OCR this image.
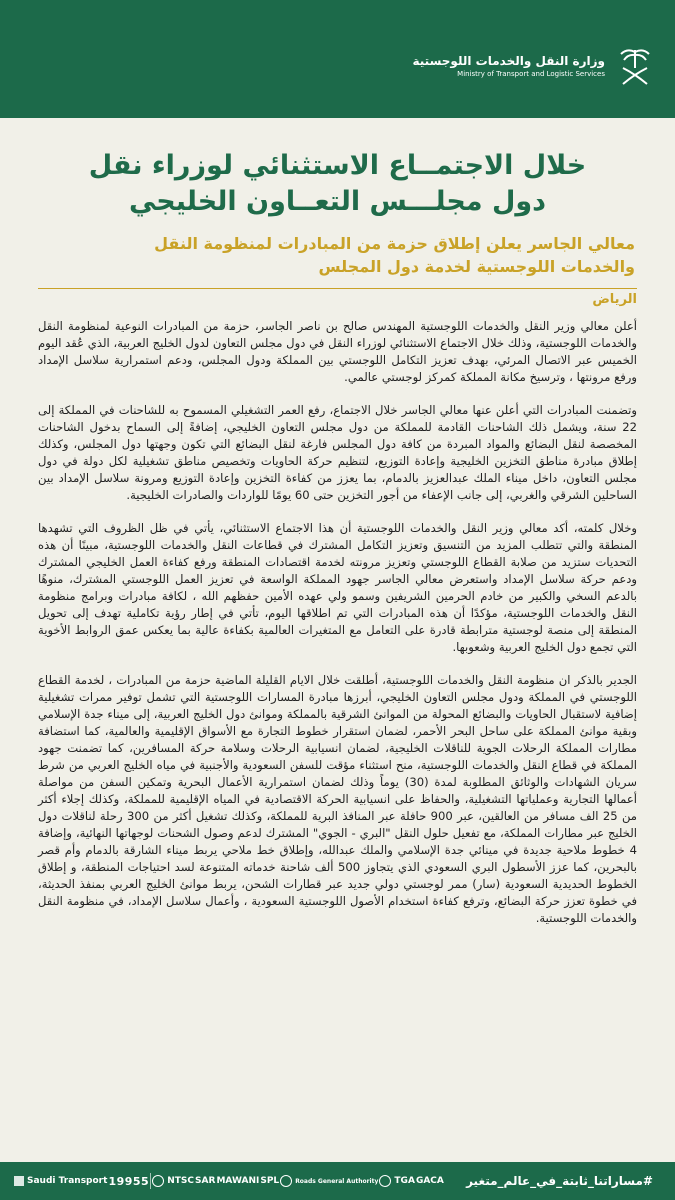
وزارة النقل والخدمات اللوجستية
Ministry of Transport and Logistic Services
خلال الاجتمــاع الاستثنائي لوزراء نقل
دول مجلـــس التعــاون الخليجي
معالي الجاسر يعلن إطلاق حزمة من المبادرات لمنظومة النقل
والخدمات اللوجستية لخدمة دول المجلس
الرياض

أعلن معالي وزير النقل والخدمات اللوجستية المهندس صالح بن ناصر الجاسر، حزمة من المبادرات النوعية لمنظومة النقل والخدمات اللوجستية، وذلك خلال الاجتماع الاستثنائي لوزراء النقل في دول مجلس التعاون لدول الخليج العربية، الذي عُقد اليوم الخميس عبر الاتصال المرئي، بهدف تعزيز التكامل اللوجستي بين المملكة ودول المجلس، ودعم استمرارية سلاسل الإمداد ورفع مرونتها ، وترسيخ مكانة المملكة كمركز لوجستي عالمي.

وتضمنت المبادرات التي أعلن عنها معالي الجاسر خلال الاجتماع، رفع العمر التشغيلي المسموح به للشاحنات في المملكة إلى 22 سنة، ويشمل ذلك الشاحنات القادمة للمملكة من دول مجلس التعاون الخليجي، إضافةً إلى السماح بدخول الشاحنات المخصصة لنقل البضائع والمواد المبردة من كافة دول المجلس فارغة لنقل البضائع التي تكون وجهتها دول المجلس، وكذلك إطلاق مبادرة مناطق التخزين الخليجية وإعادة التوزيع، لتنظيم حركة الحاويات وتخصيص مناطق تشغيلية لكل دولة في دول مجلس التعاون، داخل ميناء الملك عبدالعزيز بالدمام، بما يعزز من كفاءة التخزين وإعادة التوزيع ومرونة سلاسل الإمداد بين الساحلين الشرقي والغربي، إلى جانب الإعفاء من أجور التخزين حتى 60 يومًا للواردات والصادرات الخليجية.

وخلال كلمته، أكد معالي وزير النقل والخدمات اللوجستية أن هذا الاجتماع الاستثنائي، يأتي في ظل الظروف التي تشهدها المنطقة والتي تتطلب المزيد من التنسيق وتعزيز التكامل المشترك في قطاعات النقل والخدمات اللوجستية، مبينًا أن هذه التحديات ستزيد من صلابة القطاع اللوجستي وتعزيز مرونته لخدمة اقتصادات المنطقة ورفع كفاءة العمل الخليجي المشترك ودعم حركة سلاسل الإمداد واستعرض معالي الجاسر جهود المملكة الواسعة في تعزيز العمل اللوجستي المشترك، منوهًا بالدعم السخي والكبير من خادم الحرمين الشريفين وسمو ولي عهده الأمين حفظهم الله ، لكافة مبادرات وبرامج منظومة النقل والخدمات اللوجستية، مؤكدًا أن هذه المبادرات التي تم اطلاقها اليوم، تأتي في إطار رؤية تكاملية تهدف إلى تحويل المنطقة إلى منصة لوجستية مترابطة قادرة على التعامل مع المتغيرات العالمية بكفاءة عالية بما يعكس عمق الروابط الأخوية التي تجمع دول الخليج العربية وشعوبها.

الجدير بالذكر ان منظومة النقل والخدمات اللوجستية، أطلقت خلال الايام القليلة الماضية حزمة من المبادرات ، لخدمة القطاع اللوجستي في المملكة ودول مجلس التعاون الخليجي، أبرزها مبادرة المسارات اللوجستية التي تشمل توفير ممرات تشغيلية إضافية لاستقبال الحاويات والبضائع المحولة من الموانئ الشرقية بالمملكة وموانئ دول الخليج العربية، إلى ميناء جدة الإسلامي وبقية موانئ المملكة على ساحل البحر الأحمر، لضمان استقرار خطوط التجارة مع الأسواق الإقليمية والعالمية، كما استضافة مطارات المملكة الرحلات الجوية للناقلات الخليجية، لضمان انسيابية الرحلات وسلامة حركة المسافرين، كما تضمنت جهود المملكة في قطاع النقل والخدمات اللوجستية، منح استثناء مؤقت للسفن السعودية والأجنبية في مياه الخليج العربي من شرط سريان الشهادات والوثائق المطلوبة لمدة (30) يوماً وذلك لضمان استمرارية الأعمال البحرية وتمكين السفن من مواصلة أعمالها التجارية وعملياتها التشغيلية، والحفاظ على انسيابية الحركة الاقتصادية في المياه الإقليمية للمملكة، وكذلك إجلاء أكثر من 25 الف مسافر من العالقين، عبر 900 حافلة عبر المنافذ البرية للمملكة، وكذلك تشغيل أكثر من 300 رحلة لناقلات دول الخليج عبر مطارات المملكة، مع تفعيل حلول النقل "البري - الجوي" المشترك لدعم وصول الشحنات لوجهاتها النهائية، وإضافة 4 خطوط ملاحية جديدة في مينائي جدة الإسلامي والملك عبدالله، وإطلاق خط ملاحي يربط ميناء الشارقة بالدمام وأم قصر بالبحرين، كما عزز الأسطول البري السعودي الذي يتجاوز 500 ألف شاحنة خدماته المتنوعة لسد احتياجات المنطقة، و إطلاق الخطوط الحديدية السعودية (سار) ممر لوجستي دولي جديد عبر قطارات الشحن، يربط موانئ الخليج العربي بمنفذ الحديثة، في خطوة تعزز حركة البضائع، وترفع كفاءة استخدام الأصول اللوجستية السعودية ، وأعمال سلاسل الإمداد، في منظومة النقل والخدمات اللوجستية.

#مساراتنا_ثابتة_في_عالم_متغير
Saudi Transport 19955 NTSC SAR MAWANI SPL	Roads General Authority TGA GACA
